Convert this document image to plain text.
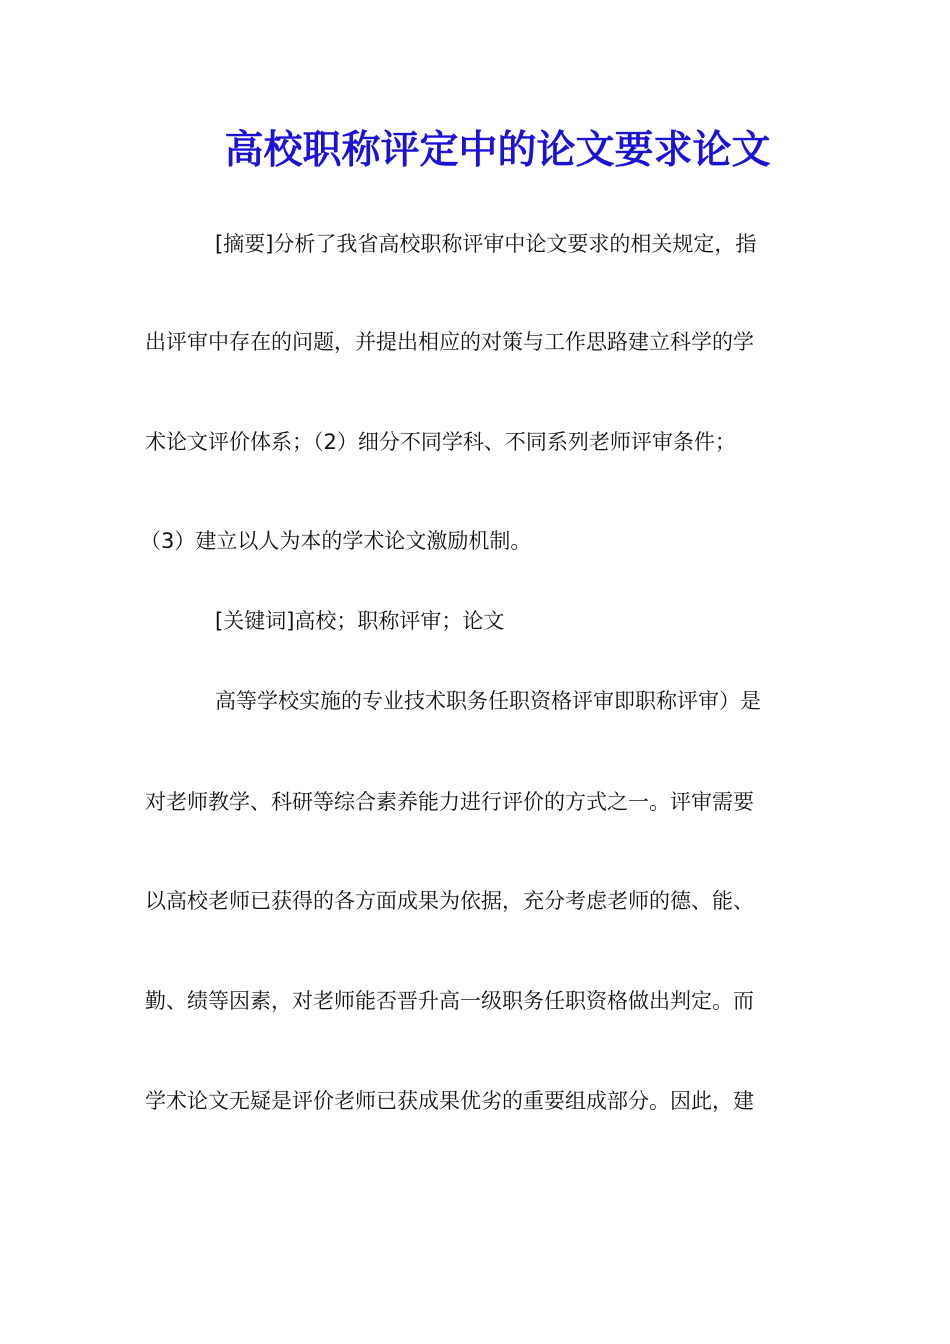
高校职称评定中的论文要求论文
[摘要]分析了我省高校职称评审中论文要求的相关规定，指
出评审中存在的问题，并提出相应的对策与工作思路建立科学的学
术论文评价体系；（2）细分不同学科、不同系列老师评审条件；
（3）建立以人为本的学术论文激励机制。
[关键词]高校；职称评审；论文
高等学校实施的专业技术职务任职资格评审即职称评审）是
对老师教学、科研等综合素养能力进行评价的方式之一。评审需要
以高校老师已获得的各方面成果为依据，充分考虑老师的德、能、
勤、绩等因素，对老师能否晋升高一级职务任职资格做出判定。而
学术论文无疑是评价老师已获成果优劣的重要组成部分。因此，建
